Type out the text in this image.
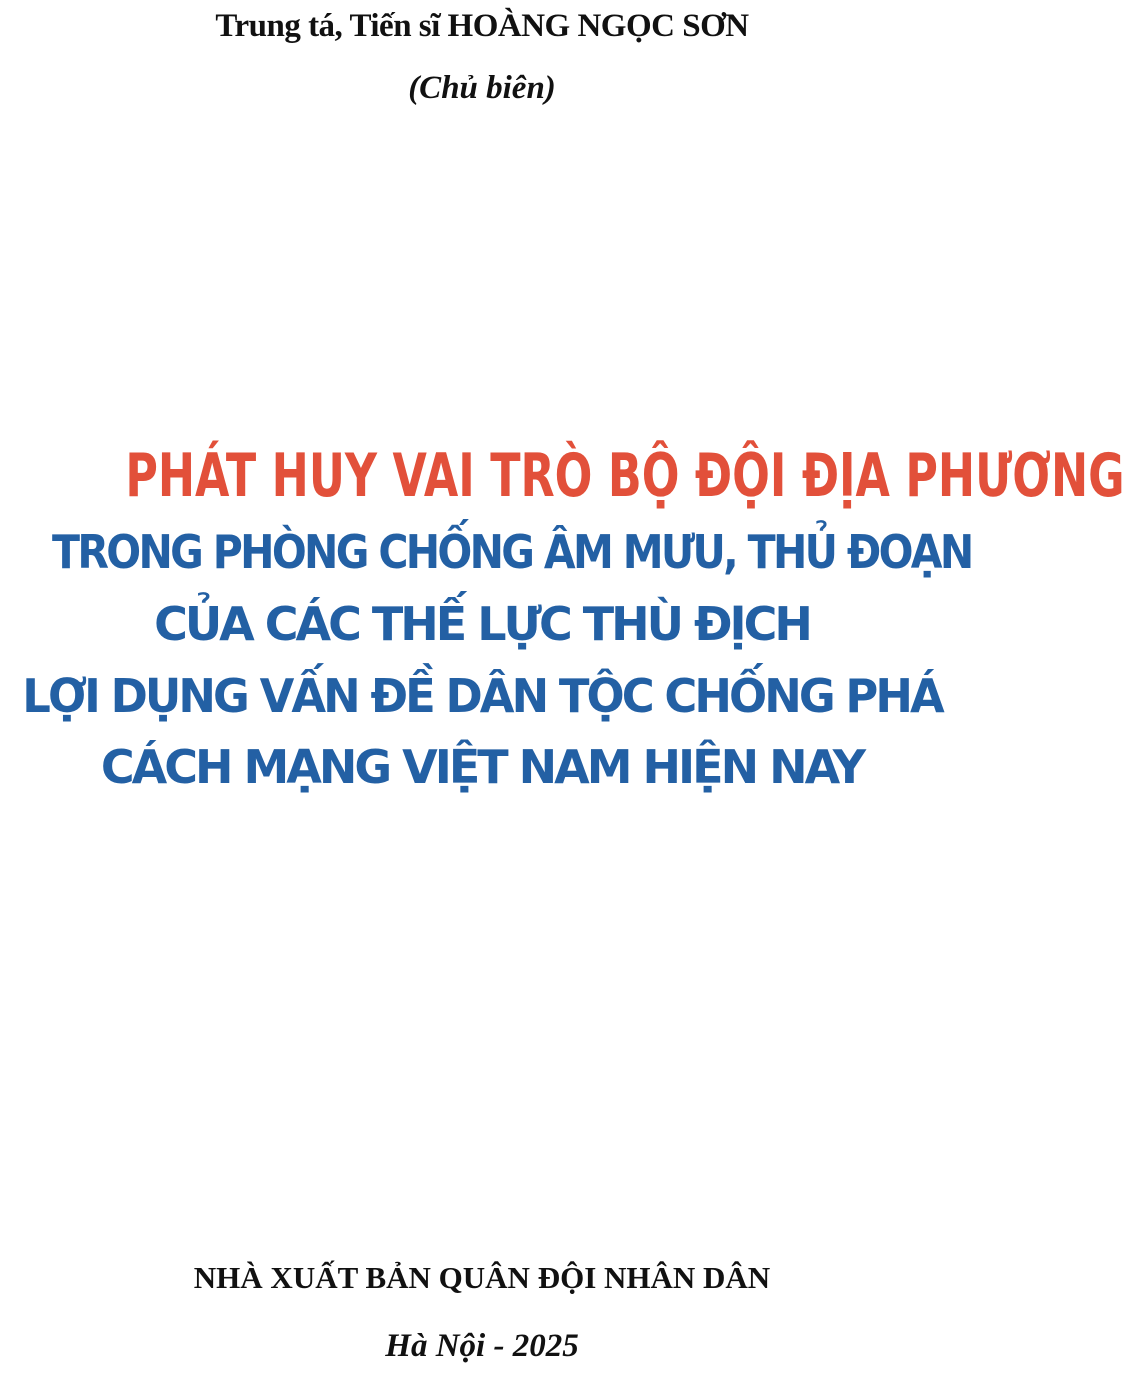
Trung tá, Tiến sĩ HOÀNG NGỌC SƠN
(Chủ biên)
PHÁT HUY VAI TRÒ BỘ ĐỘI ĐỊA PHƯƠNG
TRONG PHÒNG CHỐNG ÂM MƯU, THỦ ĐOẠN
CỦA CÁC THẾ LỰC THÙ ĐỊCH
LỢI DỤNG VẤN ĐỀ DÂN TỘC CHỐNG PHÁ
CÁCH MẠNG VIỆT NAM HIỆN NAY
NHÀ XUẤT BẢN QUÂN ĐỘI NHÂN DÂN
Hà Nội - 2025
